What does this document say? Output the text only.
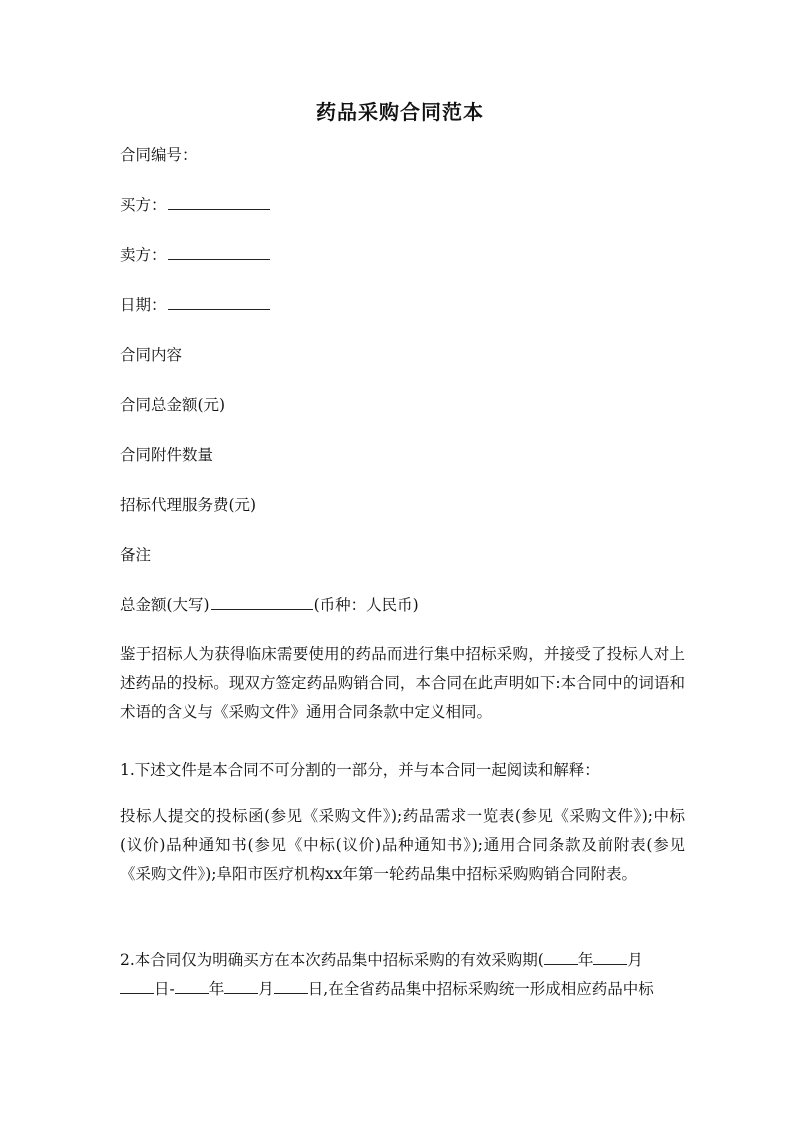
药品采购合同范本
合同编号：
买方：
卖方：
日期：
合同内容
合同总金额(元)
合同附件数量
招标代理服务费(元)
备注
总金额(大写)	(币种：人民币)
鉴于招标人为获得临床需要使用的药品而进行集中招标采购，并接受了投标人对上述药品的投标。现双方签定药品购销合同，本合同在此声明如下:本合同中的词语和术语的含义与《采购文件》通用合同条款中定义相同。
1.下述文件是本合同不可分割的一部分，并与本合同一起阅读和解释：
投标人提交的投标函(参见《采购文件》);药品需求一览表(参见《采购文件》);中标(议价)品种通知书(参见《中标(议价)品种通知书》);通用合同条款及前附表(参见《采购文件》);阜阳市医疗机构xx年第一轮药品集中招标采购购销合同附表。
2.本合同仅为明确买方在本次药品集中招标采购的有效采购期( 年 月
日- 年 月 日,在全省药品集中招标采购统一形成相应药品中标
